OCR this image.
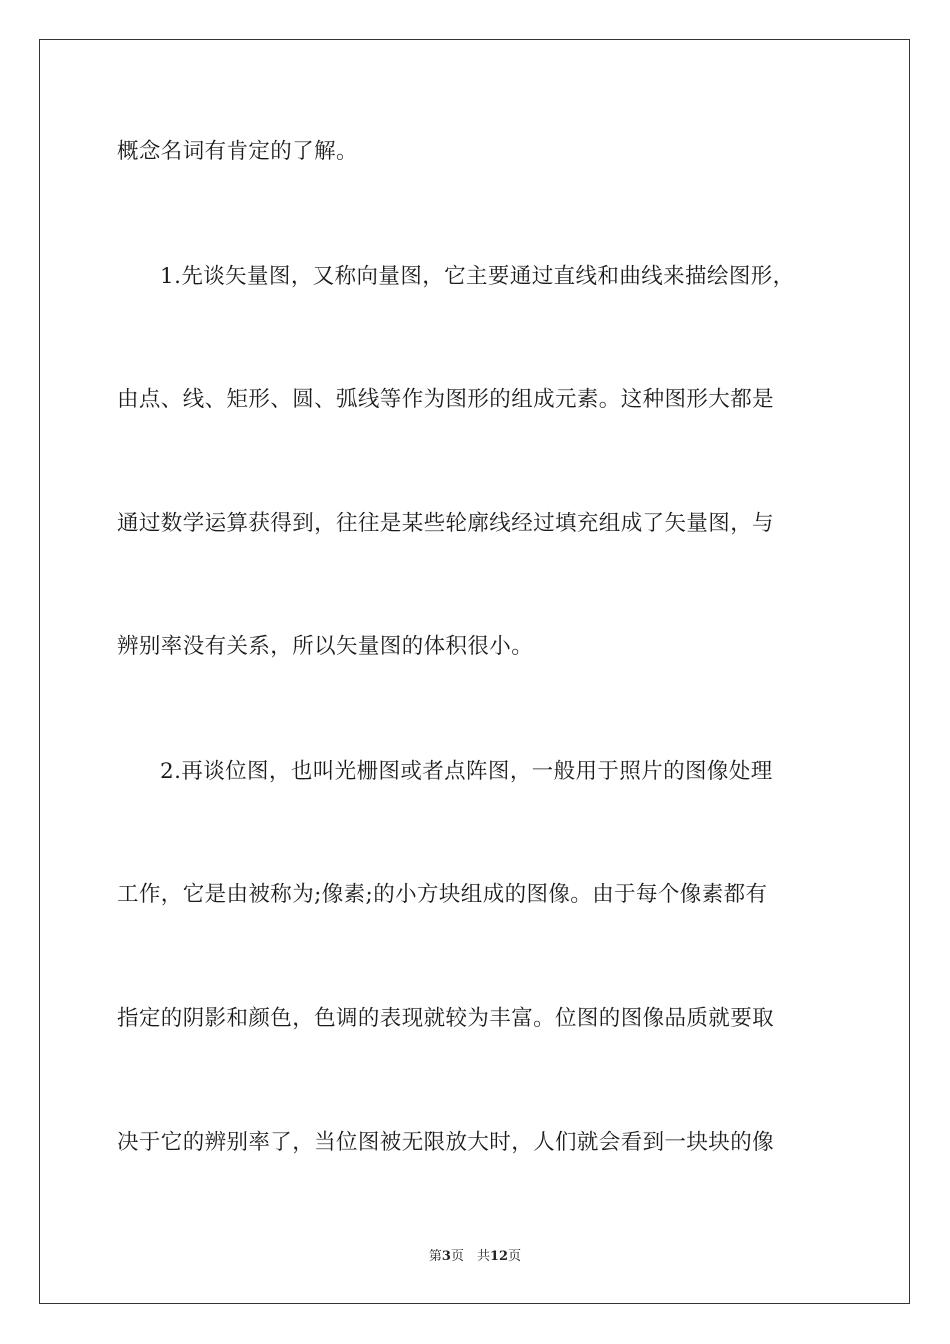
概念名词有肯定的了解。
1.先谈矢量图，又称向量图，它主要通过直线和曲线来描绘图形，
由点、线、矩形、圆、弧线等作为图形的组成元素。这种图形大都是
通过数学运算获得到，往往是某些轮廓线经过填充组成了矢量图，与
辨别率没有关系，所以矢量图的体积很小。
2.再谈位图，也叫光栅图或者点阵图，一般用于照片的图像处理
工作，它是由被称为;像素;的小方块组成的图像。由于每个像素都有
指定的阴影和颜色，色调的表现就较为丰富。位图的图像品质就要取
决于它的辨别率了，当位图被无限放大时，人们就会看到一块块的像
第3页　共12页
